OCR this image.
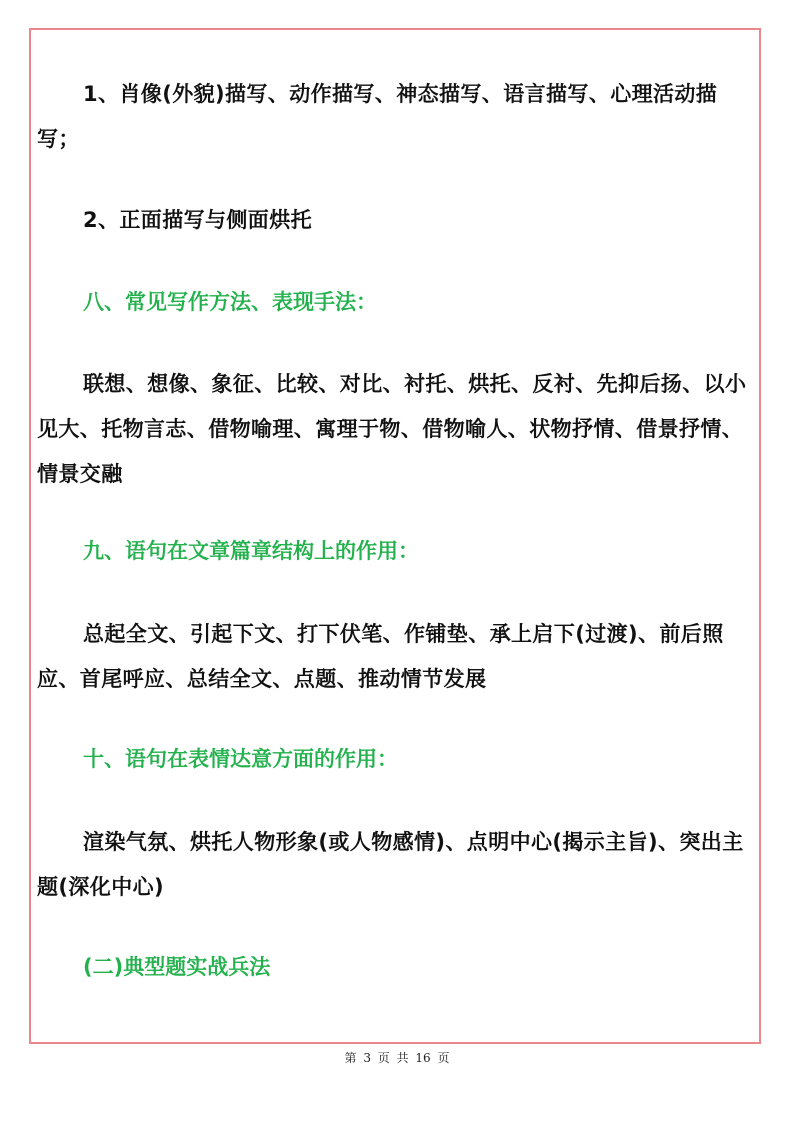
1、肖像(外貌)描写、动作描写、神态描写、语言描写、心理活动描写；
2、正面描写与侧面烘托
八、常见写作方法、表现手法：
联想、想像、象征、比较、对比、衬托、烘托、反衬、先抑后扬、以小见大、托物言志、借物喻理、寓理于物、借物喻人、状物抒情、借景抒情、情景交融
九、语句在文章篇章结构上的作用：
总起全文、引起下文、打下伏笔、作铺垫、承上启下(过渡)、前后照应、首尾呼应、总结全文、点题、推动情节发展
十、语句在表情达意方面的作用：
渲染气氛、烘托人物形象(或人物感情)、点明中心(揭示主旨)、突出主题(深化中心)
(二)典型题实战兵法
第 3 页 共 16 页
